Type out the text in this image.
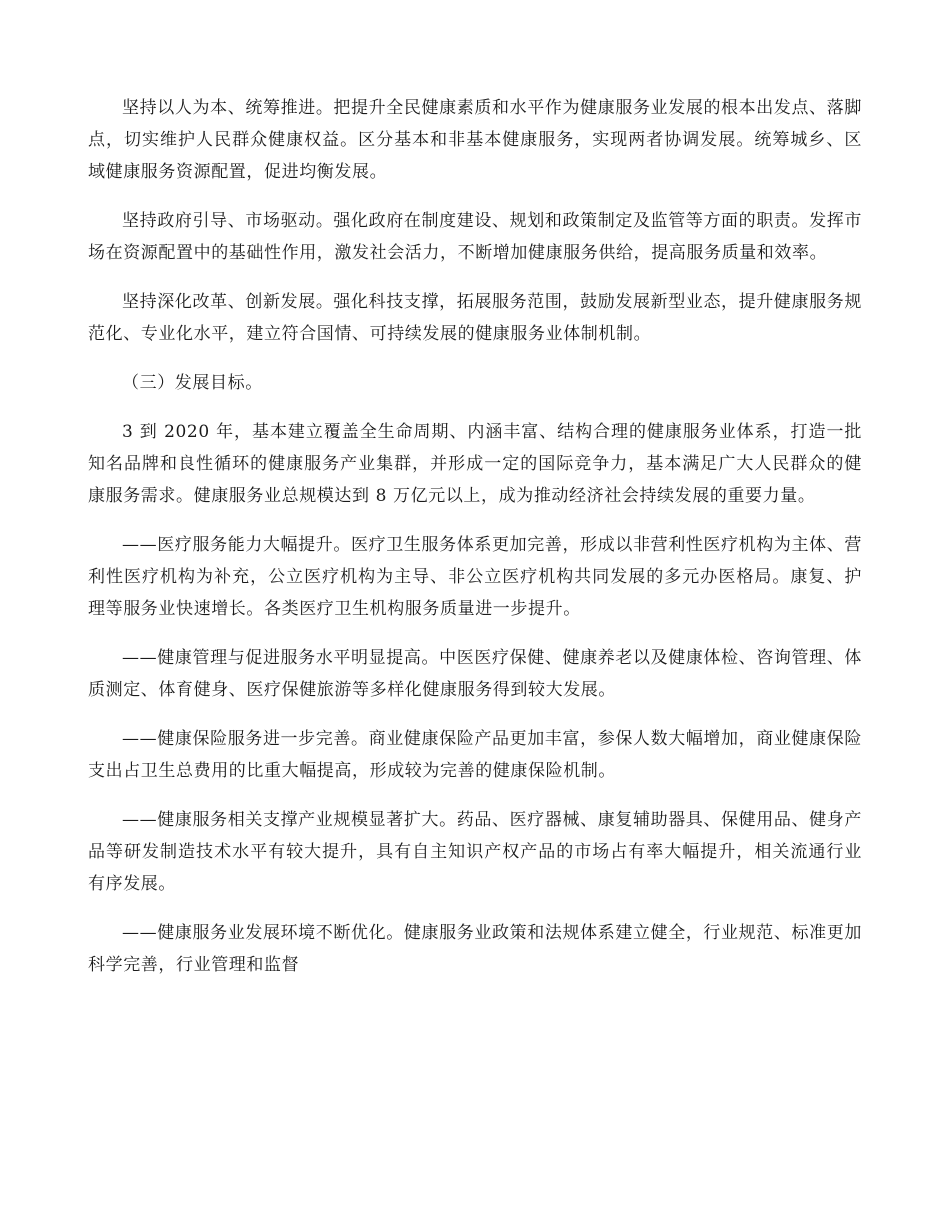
坚持以人为本、统筹推进。把提升全民健康素质和水平作为健康服务业发展的根本出发点、落脚点，切实维护人民群众健康权益。区分基本和非基本健康服务，实现两者协调发展。统筹城乡、区域健康服务资源配置，促进均衡发展。

坚持政府引导、市场驱动。强化政府在制度建设、规划和政策制定及监管等方面的职责。发挥市场在资源配置中的基础性作用，激发社会活力，不断增加健康服务供给，提高服务质量和效率。

坚持深化改革、创新发展。强化科技支撑，拓展服务范围，鼓励发展新型业态，提升健康服务规范化、专业化水平，建立符合国情、可持续发展的健康服务业体制机制。

（三）发展目标。

3 到 2020 年，基本建立覆盖全生命周期、内涵丰富、结构合理的健康服务业体系，打造一批知名品牌和良性循环的健康服务产业集群，并形成一定的国际竞争力，基本满足广大人民群众的健康服务需求。健康服务业总规模达到 8 万亿元以上，成为推动经济社会持续发展的重要力量。

——医疗服务能力大幅提升。医疗卫生服务体系更加完善，形成以非营利性医疗机构为主体、营利性医疗机构为补充，公立医疗机构为主导、非公立医疗机构共同发展的多元办医格局。康复、护理等服务业快速增长。各类医疗卫生机构服务质量进一步提升。

——健康管理与促进服务水平明显提高。中医医疗保健、健康养老以及健康体检、咨询管理、体质测定、体育健身、医疗保健旅游等多样化健康服务得到较大发展。

——健康保险服务进一步完善。商业健康保险产品更加丰富，参保人数大幅增加，商业健康保险支出占卫生总费用的比重大幅提高，形成较为完善的健康保险机制。

——健康服务相关支撑产业规模显著扩大。药品、医疗器械、康复辅助器具、保健用品、健身产品等研发制造技术水平有较大提升，具有自主知识产权产品的市场占有率大幅提升，相关流通行业有序发展。

——健康服务业发展环境不断优化。健康服务业政策和法规体系建立健全，行业规范、标准更加科学完善，行业管理和监督
